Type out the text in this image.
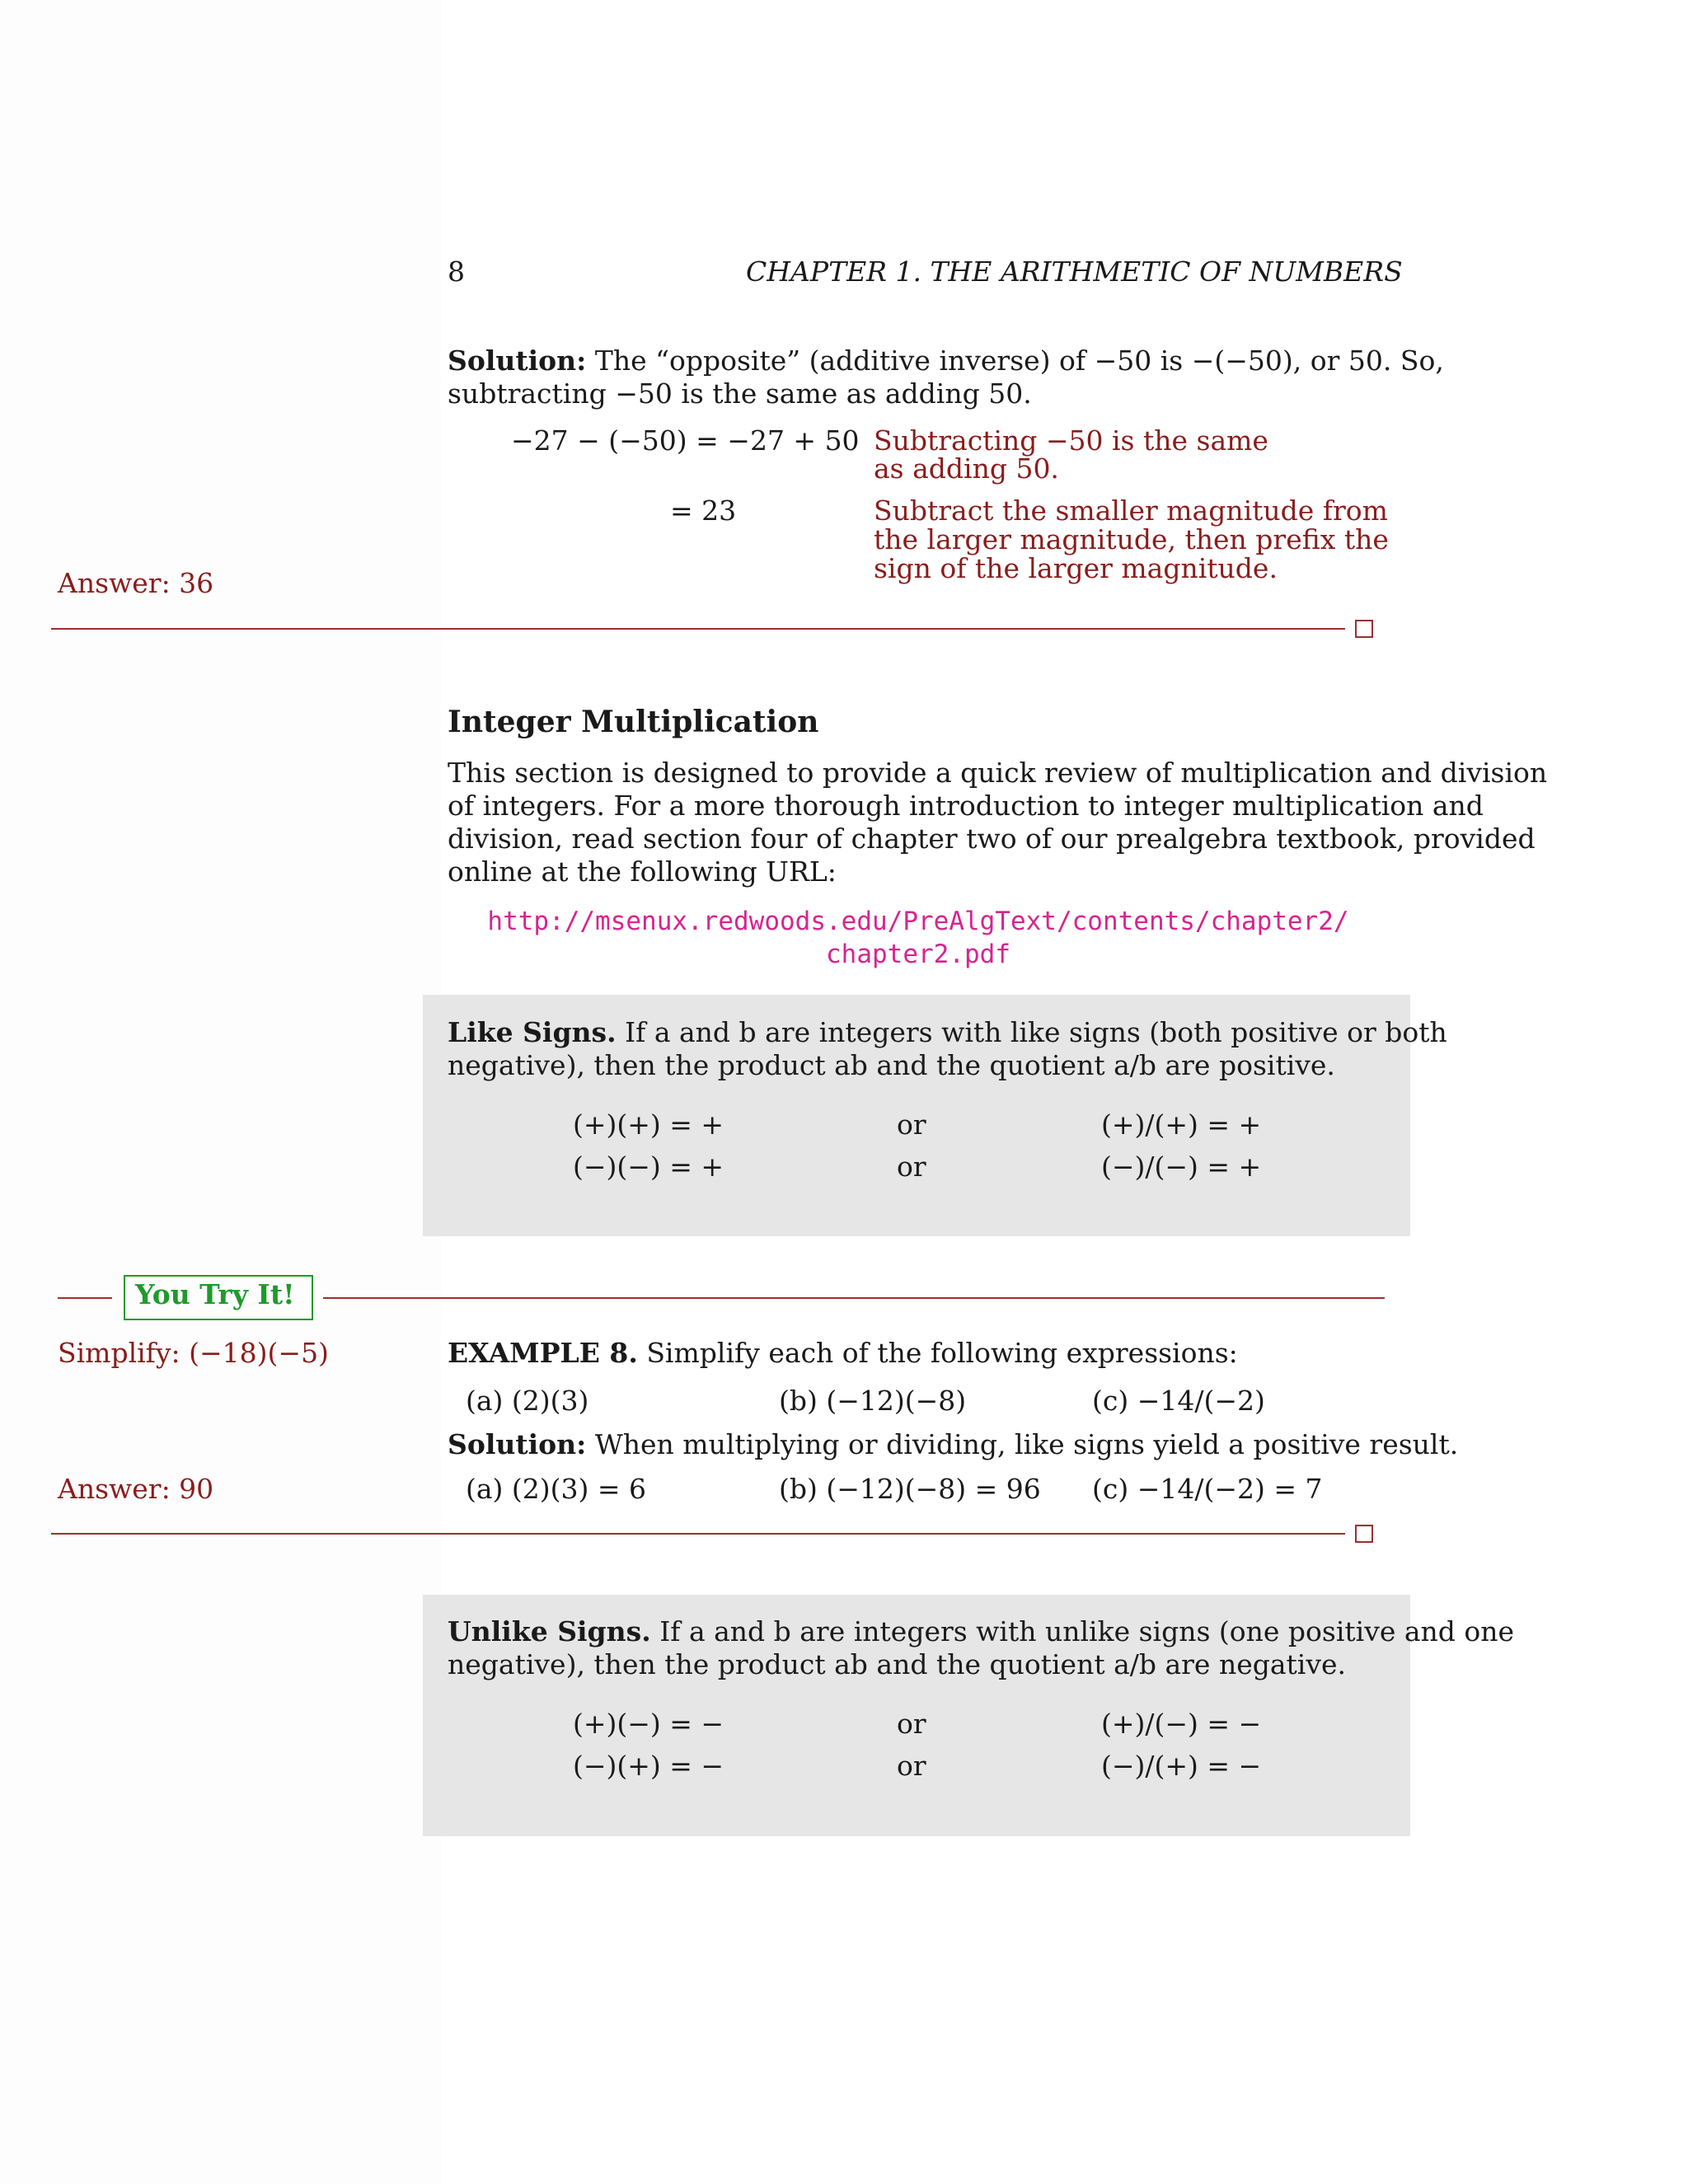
8	CHAPTER 1. THE ARITHMETIC OF NUMBERS
Solution: The “opposite” (additive inverse) of −50 is −(−50), or 50. So,
subtracting −50 is the same as adding 50.
−27 − (−50) = −27 + 50 Subtracting −50 is the same
as adding 50.
= 23	Subtract the smaller magnitude from
the larger magnitude, then prefix the
sign of the larger magnitude.
Answer: 36
Integer Multiplication
This section is designed to provide a quick review of multiplication and division
of integers. For a more thorough introduction to integer multiplication and
division, read section four of chapter two of our prealgebra textbook, provided
online at the following URL:
http://msenux.redwoods.edu/PreAlgText/contents/chapter2/
chapter2.pdf
Like Signs. If a and b are integers with like signs (both positive or both
negative), then the product ab and the quotient a/b are positive.
(+)(+) = +	or	(+)/(+) = +
(−)(−) = +	or	(−)/(−) = +
You Try It!
Simplify: (−18)(−5)	EXAMPLE 8. Simplify each of the following expressions:
(a) (2)(3)	(b) (−12)(−8)	(c) −14/(−2)
Solution: When multiplying or dividing, like signs yield a positive result.
(a) (2)(3) = 6	(b) (−12)(−8) = 96 (c) −14/(−2) = 7
Answer: 90
Unlike Signs. If a and b are integers with unlike signs (one positive and one
negative), then the product ab and the quotient a/b are negative.
(+)(−) = −	or	(+)/(−) = −
(−)(+) = −	or	(−)/(+) = −
